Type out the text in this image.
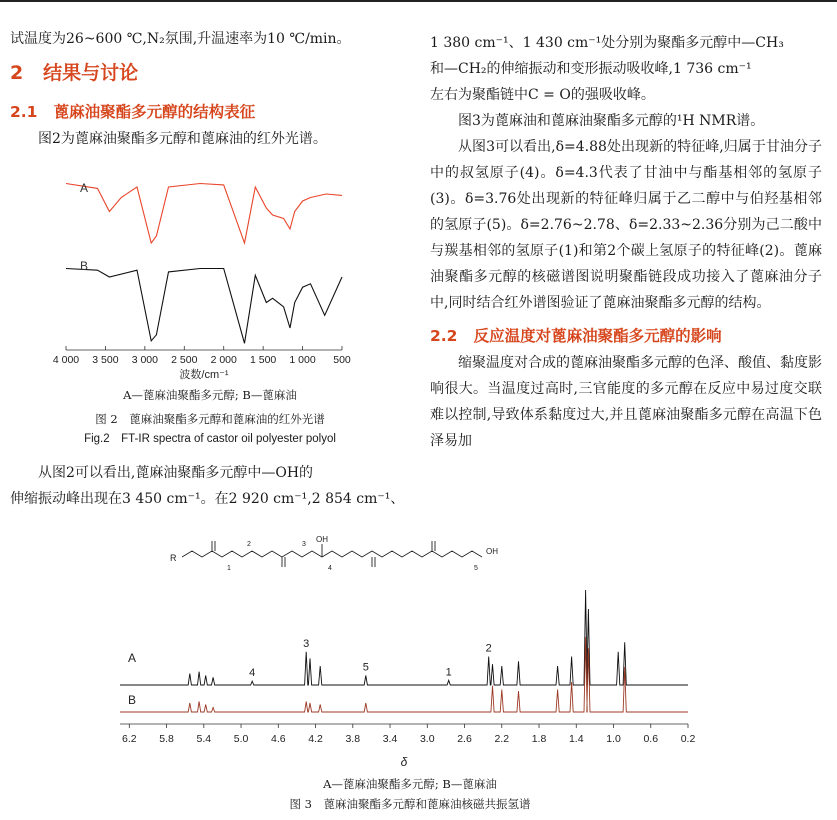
试温度为26~600 ℃,N₂氛围,升温速率为10 ℃/min。
2 结果与讨论
2.1 蓖麻油聚酯多元醇的结构表征
图2为蓖麻油聚酯多元醇和蓖麻油的红外光谱。
4 000 3 500 3 000 2 500 2 000 1 500 1 000 500
A
B
波数/cm⁻¹
A—蓖麻油聚酯多元醇; B—蓖麻油
图 2　蓖麻油聚酯多元醇和蓖麻油的红外光谱
Fig.2　FT-IR spectra of castor oil polyester polyol
从图2可以看出,蓖麻油聚酯多元醇中—OH的
伸缩振动峰出现在3 450 cm⁻¹。在2 920 cm⁻¹,2 854 cm⁻¹、
1 380 cm⁻¹、1 430 cm⁻¹处分别为聚酯多元醇中—CH₃
和—CH₂的伸缩振动和变形振动吸收峰,1 736 cm⁻¹
左右为聚酯链中C = O的强吸收峰。
图3为蓖麻油和蓖麻油聚酯多元醇的¹H NMR谱。
从图3可以看出,δ=4.88处出现新的特征峰,归属于甘油分子中的叔氢原子(4)。δ=4.3代表了甘油中与酯基相邻的氢原子(3)。δ=3.76处出现新的特征峰归属于乙二醇中与伯羟基相邻的氢原子(5)。δ=2.76~2.78、δ=2.33~2.36分别为己二酸中与羰基相邻的氢原子(1)和第2个碳上氢原子的特征峰(2)。蓖麻油聚酯多元醇的核磁谱图说明聚酯链段成功接入了蓖麻油分子中,同时结合红外谱图验证了蓖麻油聚酯多元醇的结构。
2.2 反应温度对蓖麻油聚酯多元醇的影响
缩聚温度对合成的蓖麻油聚酯多元醇的色泽、酸值、黏度影响很大。当温度过高时,三官能度的多元醇在反应中易过度交联难以控制,导致体系黏度过大,并且蓖麻油聚酯多元醇在高温下色泽易加
R
OH
OH
1
2	3
4	5
4
3
5	1
2
6.2 5.8 5.4 5.0 4.6 4.2 3.8 3.4 3.0 2.6 2.2 1.8 1.4 1.0 0.6 0.2
A
B
δ
A—蓖麻油聚酯多元醇; B—蓖麻油
图 3　蓖麻油聚酯多元醇和蓖麻油核磁共振氢谱
